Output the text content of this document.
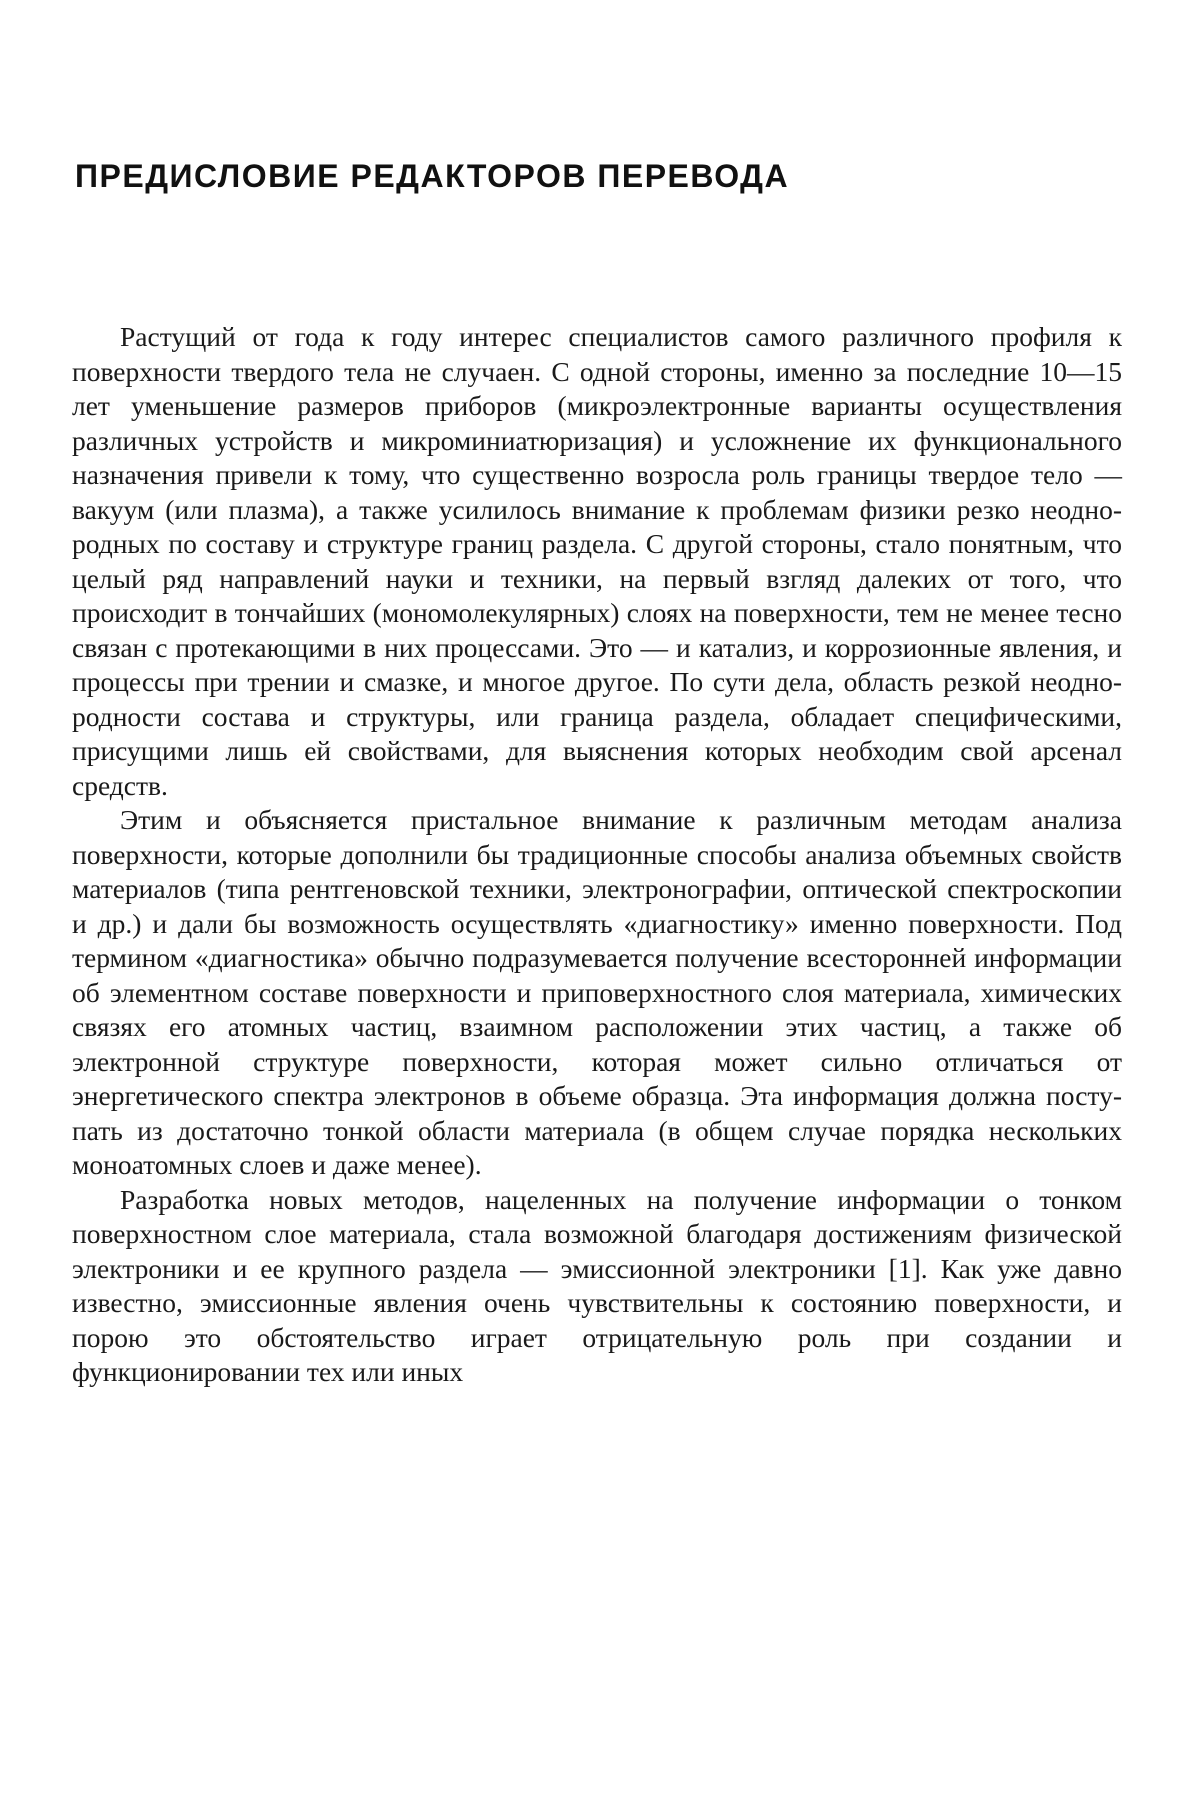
ПРЕДИСЛОВИЕ РЕДАКТОРОВ ПЕРЕВОДА

Растущий от года к году интерес специалистов самого различного профиля к поверхности твердого тела не случаен. С одной стороны, именно за последние 10—15 лет уменьшение размеров приборов (микроэлектронные варианты осуществления различных устройств и микроминиатюризация) и усложнение их функционального назначения привели к тому, что существенно возросла роль границы твердое тело — вакуум (или плазма), а также усилилось внимание к проблемам физики резко неоднородных по составу и структуре границ раздела. С другой стороны, стало понятным, что целый ряд направлений науки и техники, на первый взгляд далеких от того, что происходит в тончайших (мономолекулярных) слоях на поверхности, тем не менее тесно связан с протекающими в них процессами. Это — и катализ, и коррозионные явления, и процессы при трении и смазке, и многое другое. По сути дела, область резкой неоднородности состава и структуры, или граница раздела, обладает специфическими, присущими лишь ей свойствами, для выяснения которых необходим свой арсенал средств.

Этим и объясняется пристальное внимание к различным методам анализа поверхности, которые дополнили бы традиционные способы анализа объемных свойств материалов (типа рентгеновской техники, электронографии, оптической спектроскопии и др.) и дали бы возможность осуществлять «диагностику» именно поверхности. Под термином «диагностика» обычно подразумевается получение всесторонней информации об элементном составе поверхности и приповерхностного слоя материала, химических связях его атомных частиц, взаимном расположении этих частиц, а также об электронной структуре поверхности, которая может сильно отличаться от энергетического спектра электронов в объеме образца. Эта информация должна поступать из достаточно тонкой области материала (в общем случае порядка нескольких моноатомных слоев и даже менее).

Разработка новых методов, нацеленных на получение информации о тонком поверхностном слое материала, стала возможной благодаря достижениям физической электроники и ее крупного раздела — эмиссионной электроники [1]. Как уже давно известно, эмиссионные явления очень чувствительны к состоянию поверхности, и порою это обстоятельство играет отрицательную роль при создании и функционировании тех или иных
